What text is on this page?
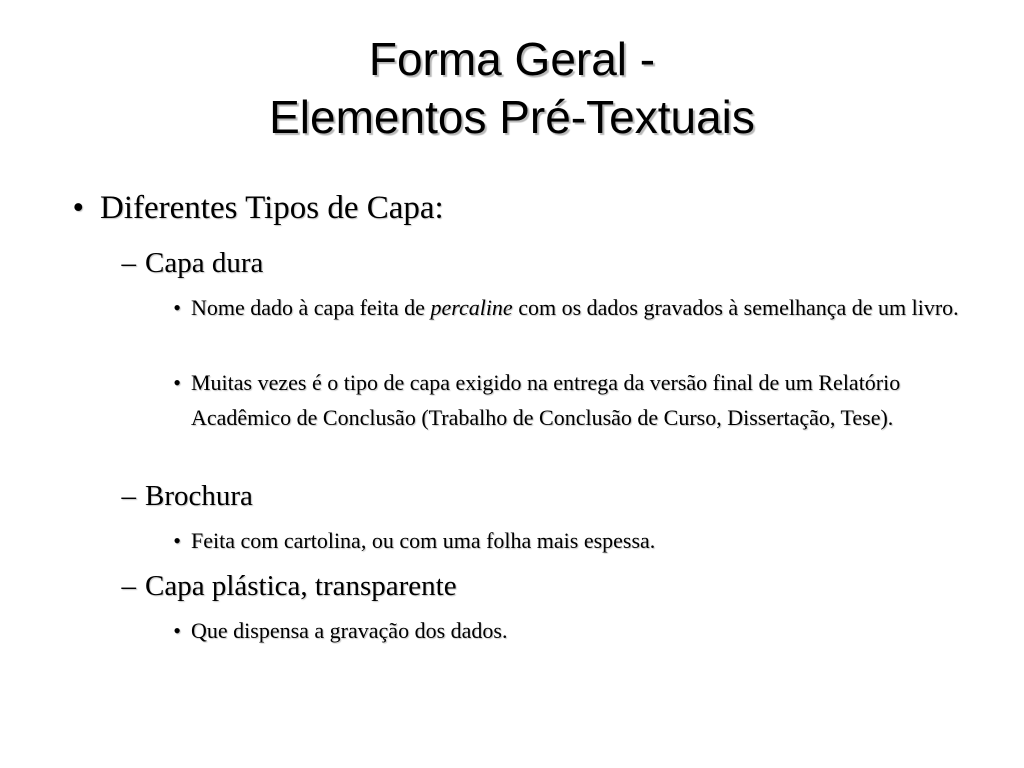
Forma Geral -
Elementos Pré-Textuais
• Diferentes Tipos de Capa:
– Capa dura
• Nome dado à capa feita de percaline com os dados gravados à semelhança de um livro.
• Muitas vezes é o tipo de capa exigido na entrega da versão final de um Relatório Acadêmico de Conclusão (Trabalho de Conclusão de Curso, Dissertação, Tese).
– Brochura
• Feita com cartolina, ou com uma folha mais espessa.
– Capa plástica, transparente
• Que dispensa a gravação dos dados.
